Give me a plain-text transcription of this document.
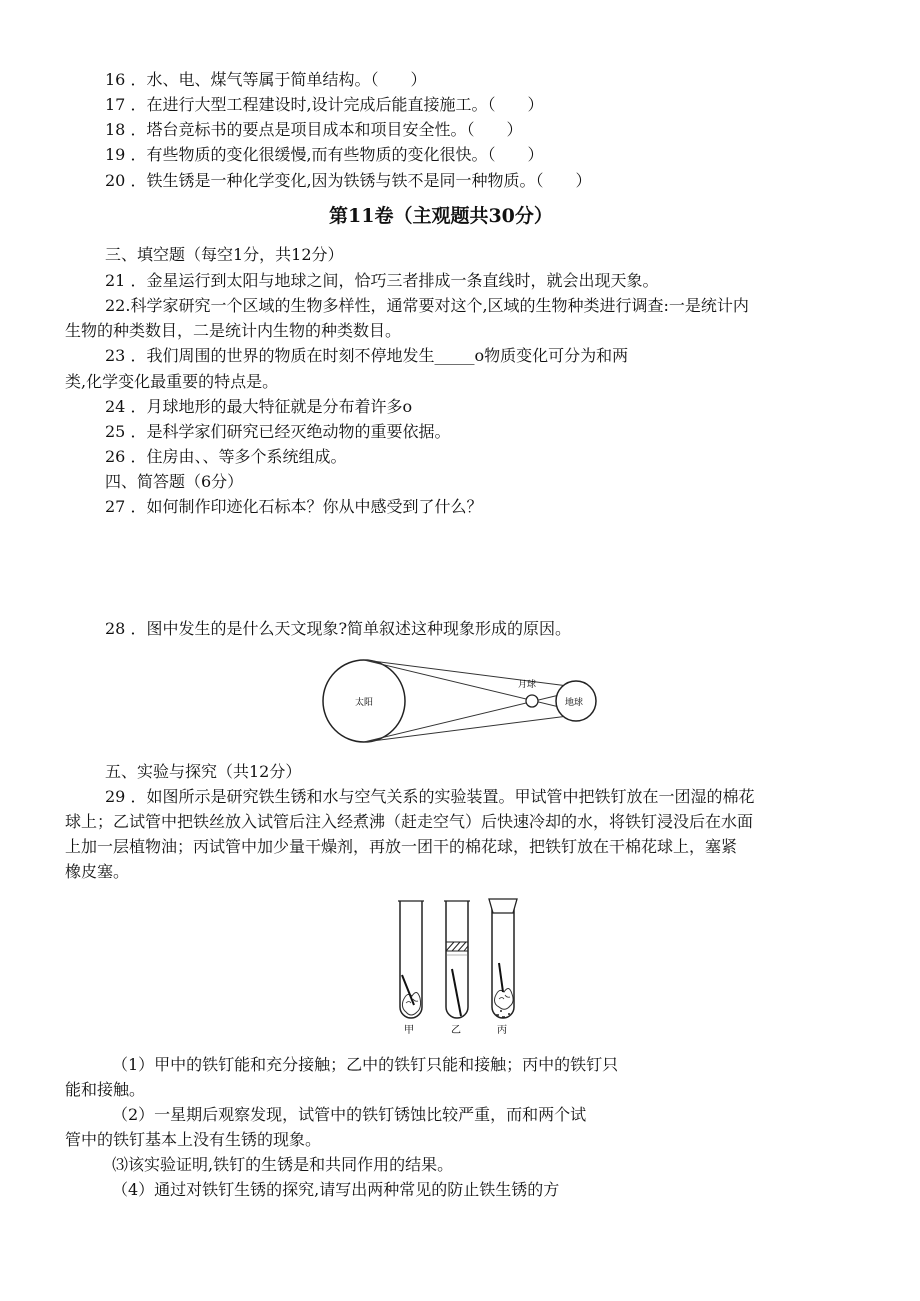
16 ．水、电、煤气等属于简单结构。（　　）
17 ．在进行大型工程建设时,设计完成后能直接施工。（　　）
18 ．塔台竞标书的要点是项目成本和项目安全性。（　　）
19 ．有些物质的变化很缓慢,而有些物质的变化很快。（　　）
20 ．铁生锈是一种化学变化,因为铁锈与铁不是同一种物质。（　　）
第11卷（主观题共30分）
三、填空题（每空1分，共12分）
21 ．金星运行到太阳与地球之间，恰巧三者排成一条直线时，就会出现天象。
22.科学家研究一个区域的生物多样性，通常要对这个,区域的生物种类进行调查:一是统计内
生物的种类数目，二是统计内生物的种类数目。
23 ．我们周围的世界的物质在时刻不停地发生_____o物质变化可分为和两
类,化学变化最重要的特点是。
24 ．月球地形的最大特征就是分布着许多o
25 ．是科学家们研究已经灭绝动物的重要依据。
26 ．住房由、、等多个系统组成。
四、简答题（6分）
27 ．如何制作印迹化石标本？你从中感受到了什么？
28 ．图中发生的是什么天文现象?简单叙述这种现象形成的原因。
太阳
月球
地球
五、实验与探究（共12分）
29 ．如图所示是研究铁生锈和水与空气关系的实验装置。甲试管中把铁钉放在一团湿的棉花
球上；乙试管中把铁丝放入试管后注入经煮沸（赶走空气）后快速冷却的水，将铁钉浸没后在水面
上加一层植物油；丙试管中加少量干燥剂，再放一团干的棉花球，把铁钉放在干棉花球上，塞紧
橡皮塞。
甲	乙	丙
（1）甲中的铁钉能和充分接触；乙中的铁钉只能和接触；丙中的铁钉只
能和接触。
（2）一星期后观察发现，试管中的铁钉锈蚀比较严重，而和两个试
管中的铁钉基本上没有生锈的现象。
⑶该实验证明,铁钉的生锈是和共同作用的结果。
（4）通过对铁钉生锈的探究,请写出两种常见的防止铁生锈的方
